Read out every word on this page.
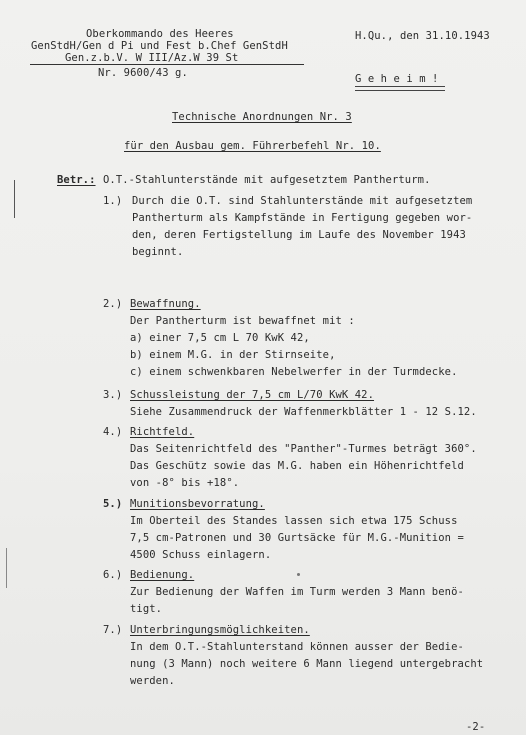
Oberkommando des Heeres
GenStdH/Gen d Pi und Fest b.Chef GenStdH
Gen.z.b.V. W III/Az.W 39 St
Nr. 9600/43 g.
H.Qu., den 31.10.1943
G e h e i m !
Technische Anordnungen Nr. 3
für den Ausbau gem. Führerbefehl Nr. 10.
Betr.: O.T.-Stahlunterstände mit aufgesetztem Pantherturm.
1.) Durch die O.T. sind Stahlunterstände mit aufgesetztem
Pantherturm als Kampfstände in Fertigung gegeben wor-
den, deren Fertigstellung im Laufe des November 1943
beginnt.
2.) Bewaffnung.
Der Pantherturm ist bewaffnet mit :
a) einer 7,5 cm L 70 KwK 42,
b) einem M.G. in der Stirnseite,
c) einem schwenkbaren Nebelwerfer in der Turmdecke.
3.) Schussleistung der 7,5 cm L/70 KwK 42.
Siehe Zusammendruck der Waffenmerkblätter 1 - 12 S.12.
4.) Richtfeld.
Das Seitenrichtfeld des "Panther"-Turmes beträgt 360°.
Das Geschütz sowie das M.G. haben ein Höhenrichtfeld
von -8° bis +18°.
5.) Munitionsbevorratung.
Im Oberteil des Standes lassen sich etwa 175 Schuss
7,5 cm-Patronen und 30 Gurtsäcke für M.G.-Munition =
4500 Schuss einlagern.
6.) Bedienung.
Zur Bedienung der Waffen im Turm werden 3 Mann benö-
tigt.
7.) Unterbringungsmöglichkeiten.
In dem O.T.-Stahlunterstand können ausser der Bedie-
nung (3 Mann) noch weitere 6 Mann liegend untergebracht
werden.
-2-
